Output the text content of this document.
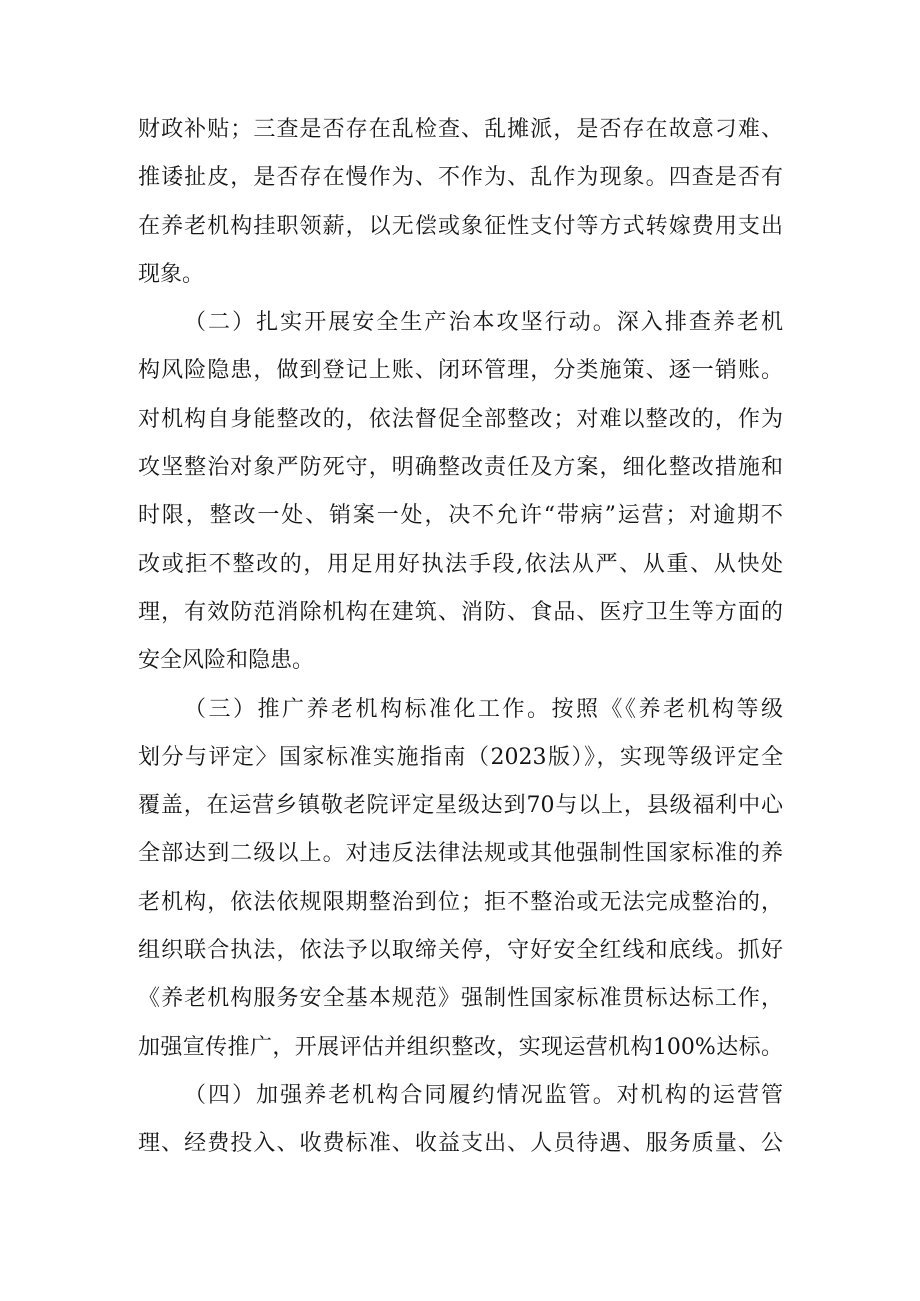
财政补贴；三查是否存在乱检查、乱摊派，是否存在故意刁难、
推诿扯皮，是否存在慢作为、不作为、乱作为现象。四查是否有
在养老机构挂职领薪，以无偿或象征性支付等方式转嫁费用支出
现象。
（二）扎实开展安全生产治本攻坚行动。深入排查养老机
构风险隐患，做到登记上账、闭环管理，分类施策、逐一销账。
对机构自身能整改的，依法督促全部整改；对难以整改的，作为
攻坚整治对象严防死守，明确整改责任及方案，细化整改措施和
时限，整改一处、销案一处，决不允许“带病”运营；对逾期不
改或拒不整改的，用足用好执法手段,依法从严、从重、从快处
理，有效防范消除机构在建筑、消防、食品、医疗卫生等方面的
安全风险和隐患。
（三）推广养老机构标准化工作。按照《《养老机构等级
划分与评定〉国家标准实施指南（2023版）》，实现等级评定全
覆盖，在运营乡镇敬老院评定星级达到70与以上，县级福利中心
全部达到二级以上。对违反法律法规或其他强制性国家标准的养
老机构，依法依规限期整治到位；拒不整治或无法完成整治的，
组织联合执法，依法予以取缔关停，守好安全红线和底线。抓好
《养老机构服务安全基本规范》强制性国家标准贯标达标工作，
加强宣传推广，开展评估并组织整改，实现运营机构100%达标。
（四）加强养老机构合同履约情况监管。对机构的运营管
理、经费投入、收费标准、收益支出、人员待遇、服务质量、公
